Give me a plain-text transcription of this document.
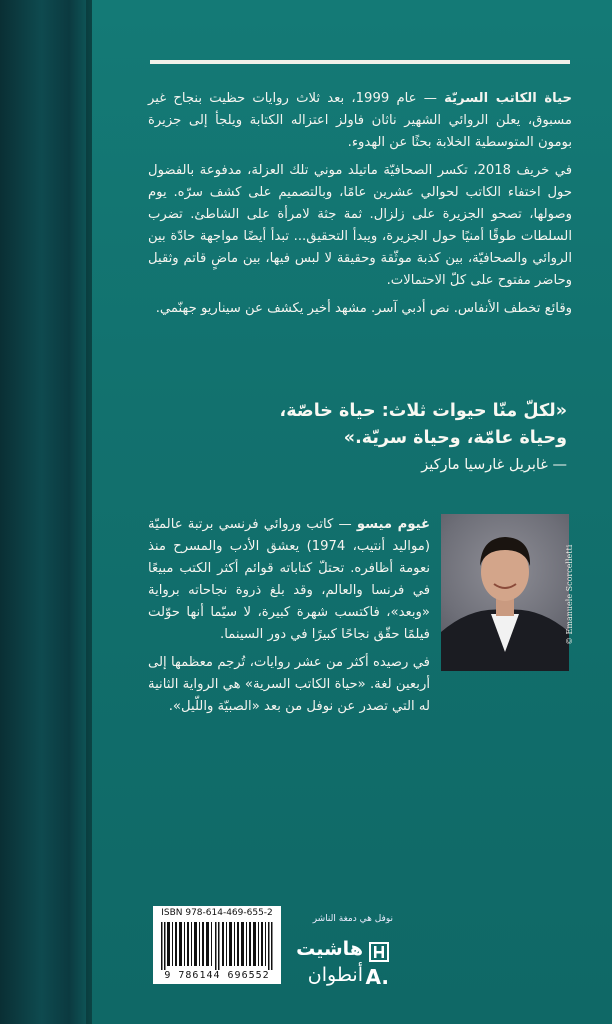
حياة الكاتب السريّة — عام 1999، بعد ثلاث روايات حظيت بنجاح غير مسبوق، يعلن الروائي الشهير ناثان فاولز اعتزاله الكتابة ويلجأ إلى جزيرة بومون المتوسطية الخلابة بحثًا عن الهدوء.

في خريف 2018، تكسر الصحافيّة ماتيلد موني تلك العزلة، مدفوعة بالفضول حول اختفاء الكاتب لحوالي عشرين عامًا، وبالتصميم على كشف سرّه. يوم وصولها، تصحو الجزيرة على زلزال. ثمة جثة لامرأة على الشاطئ. تضرب السلطات طوقًا أمنيًا حول الجزيرة، ويبدأ التحقيق... تبدأ أيضًا مواجهة حادّة بين الروائي والصحافيّة، بين كذبة موثّقة وحقيقة لا لبس فيها، بين ماضٍ قاتم وثقيل وحاضر مفتوح على كلّ الاحتمالات.

وقائع تخطف الأنفاس. نص أدبي آسر. مشهد أخير يكشف عن سيناريو جهنّمي.

«لكلّ منّا حيوات ثلاث: حياة خاصّة،
وحياة عامّة، وحياة سريّة.»
— غابريل غارسيا ماركيز

غيوم ميسو — كاتب وروائي فرنسي برتبة عالميّة (مواليد أنتيب، 1974) يعشق الأدب والمسرح منذ نعومة أظافره. تحتلّ كتاباته قوائم أكثر الكتب مبيعًا في فرنسا والعالم، وقد بلغ ذروة نجاحاته برواية «وبعد»، فاكتسب شهرة كبيرة، لا سيّما أنها حوّلت فيلمًا حقّق نجاحًا كبيرًا في دور السينما.

في رصيده أكثر من عشر روايات، تُرجم معظمها إلى أربعين لغة. «حياة الكاتب السرية» هي الرواية الثانية له التي تصدر عن نوفل من بعد «الصبيّة واللّيل».

© Emanuele Scorcelletti
ISBN 978-614-469-655-2
9 786144 696552
نوفل هي دمغة الناشر
هاشيت
أنطوان A.
